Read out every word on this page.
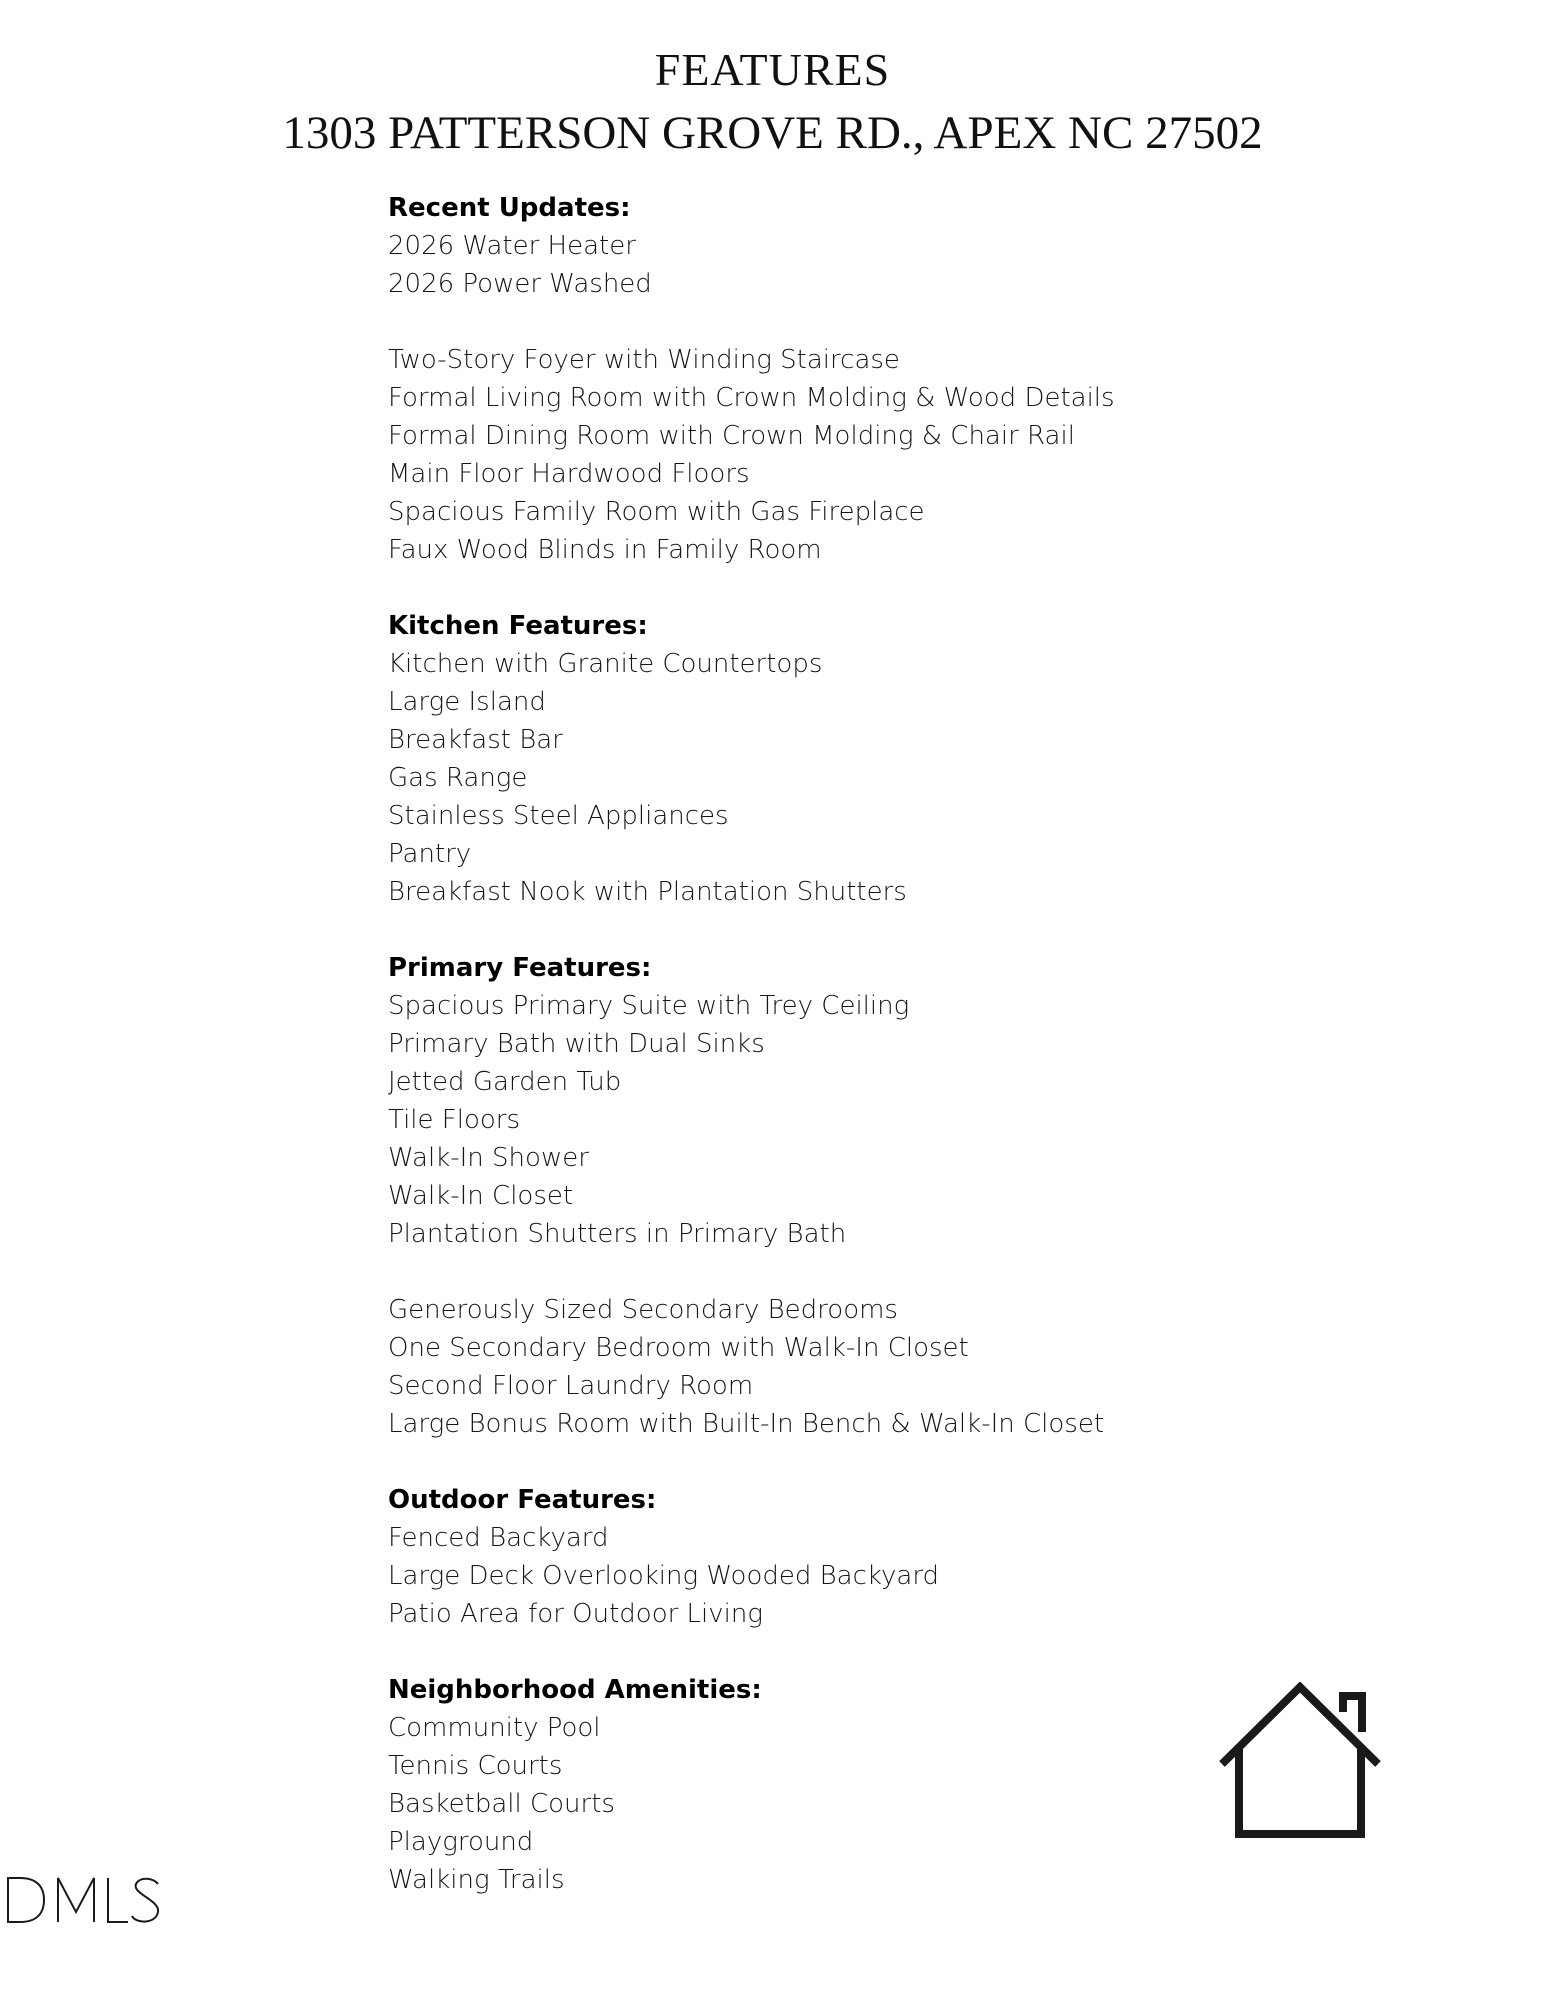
FEATURES
1303 PATTERSON GROVE RD., APEX NC 27502
Recent Updates:
2026 Water Heater
2026 Power Washed
Two-Story Foyer with Winding Staircase
Formal Living Room with Crown Molding & Wood Details
Formal Dining Room with Crown Molding & Chair Rail
Main Floor Hardwood Floors
Spacious Family Room with Gas Fireplace
Faux Wood Blinds in Family Room
Kitchen Features:
Kitchen with Granite Countertops
Large Island
Breakfast Bar
Gas Range
Stainless Steel Appliances
Pantry
Breakfast Nook with Plantation Shutters
Primary Features:
Spacious Primary Suite with Trey Ceiling
Primary Bath with Dual Sinks
Jetted Garden Tub
Tile Floors
Walk-In Shower
Walk-In Closet
Plantation Shutters in Primary Bath
Generously Sized Secondary Bedrooms
One Secondary Bedroom with Walk-In Closet
Second Floor Laundry Room
Large Bonus Room with Built-In Bench & Walk-In Closet
Outdoor Features:
Fenced Backyard
Large Deck Overlooking Wooded Backyard
Patio Area for Outdoor Living
Neighborhood Amenities:
Community Pool
Tennis Courts
Basketball Courts
Playground
Walking Trails
